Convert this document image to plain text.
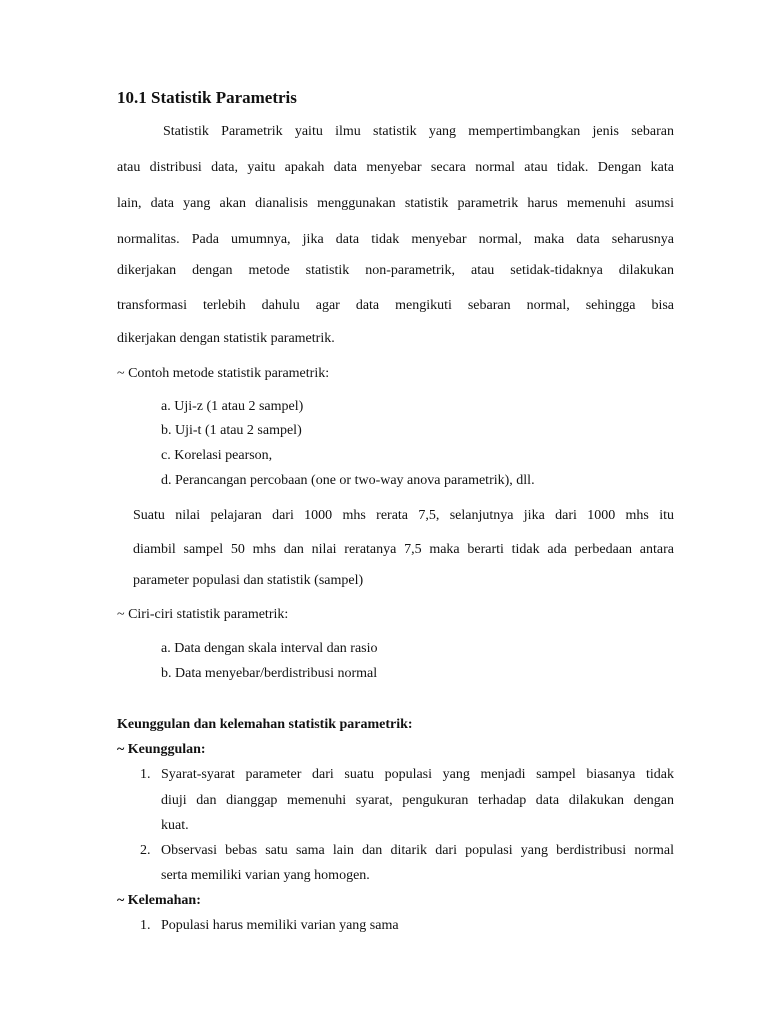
10.1 Statistik Parametris
Statistik Parametrik yaitu ilmu statistik yang mempertimbangkan jenis sebaran
atau distribusi data, yaitu apakah data menyebar secara normal atau tidak. Dengan kata
lain, data yang akan dianalisis menggunakan statistik parametrik harus memenuhi asumsi
normalitas. Pada umumnya, jika data tidak menyebar normal, maka data seharusnya
dikerjakan dengan metode statistik non-parametrik, atau setidak-tidaknya dilakukan
transformasi terlebih dahulu agar data mengikuti sebaran normal, sehingga bisa
dikerjakan dengan statistik parametrik.
~ Contoh metode statistik parametrik:
a. Uji-z (1 atau 2 sampel)
b. Uji-t (1 atau 2 sampel)
c. Korelasi pearson,
d. Perancangan percobaan (one or two-way anova parametrik), dll.
Suatu nilai pelajaran dari 1000 mhs rerata 7,5, selanjutnya jika dari 1000 mhs itu
diambil sampel 50 mhs dan nilai reratanya 7,5 maka berarti tidak ada perbedaan antara
parameter populasi dan statistik (sampel)
~ Ciri-ciri statistik parametrik:
a. Data dengan skala interval dan rasio
b. Data menyebar/berdistribusi normal
Keunggulan dan kelemahan statistik parametrik:
~ Keunggulan:
1. Syarat-syarat parameter dari suatu populasi yang menjadi sampel biasanya tidak
diuji dan dianggap memenuhi syarat, pengukuran terhadap data dilakukan dengan
kuat.
2. Observasi bebas satu sama lain dan ditarik dari populasi yang berdistribusi normal
serta memiliki varian yang homogen.
~ Kelemahan:
1. Populasi harus memiliki varian yang sama
